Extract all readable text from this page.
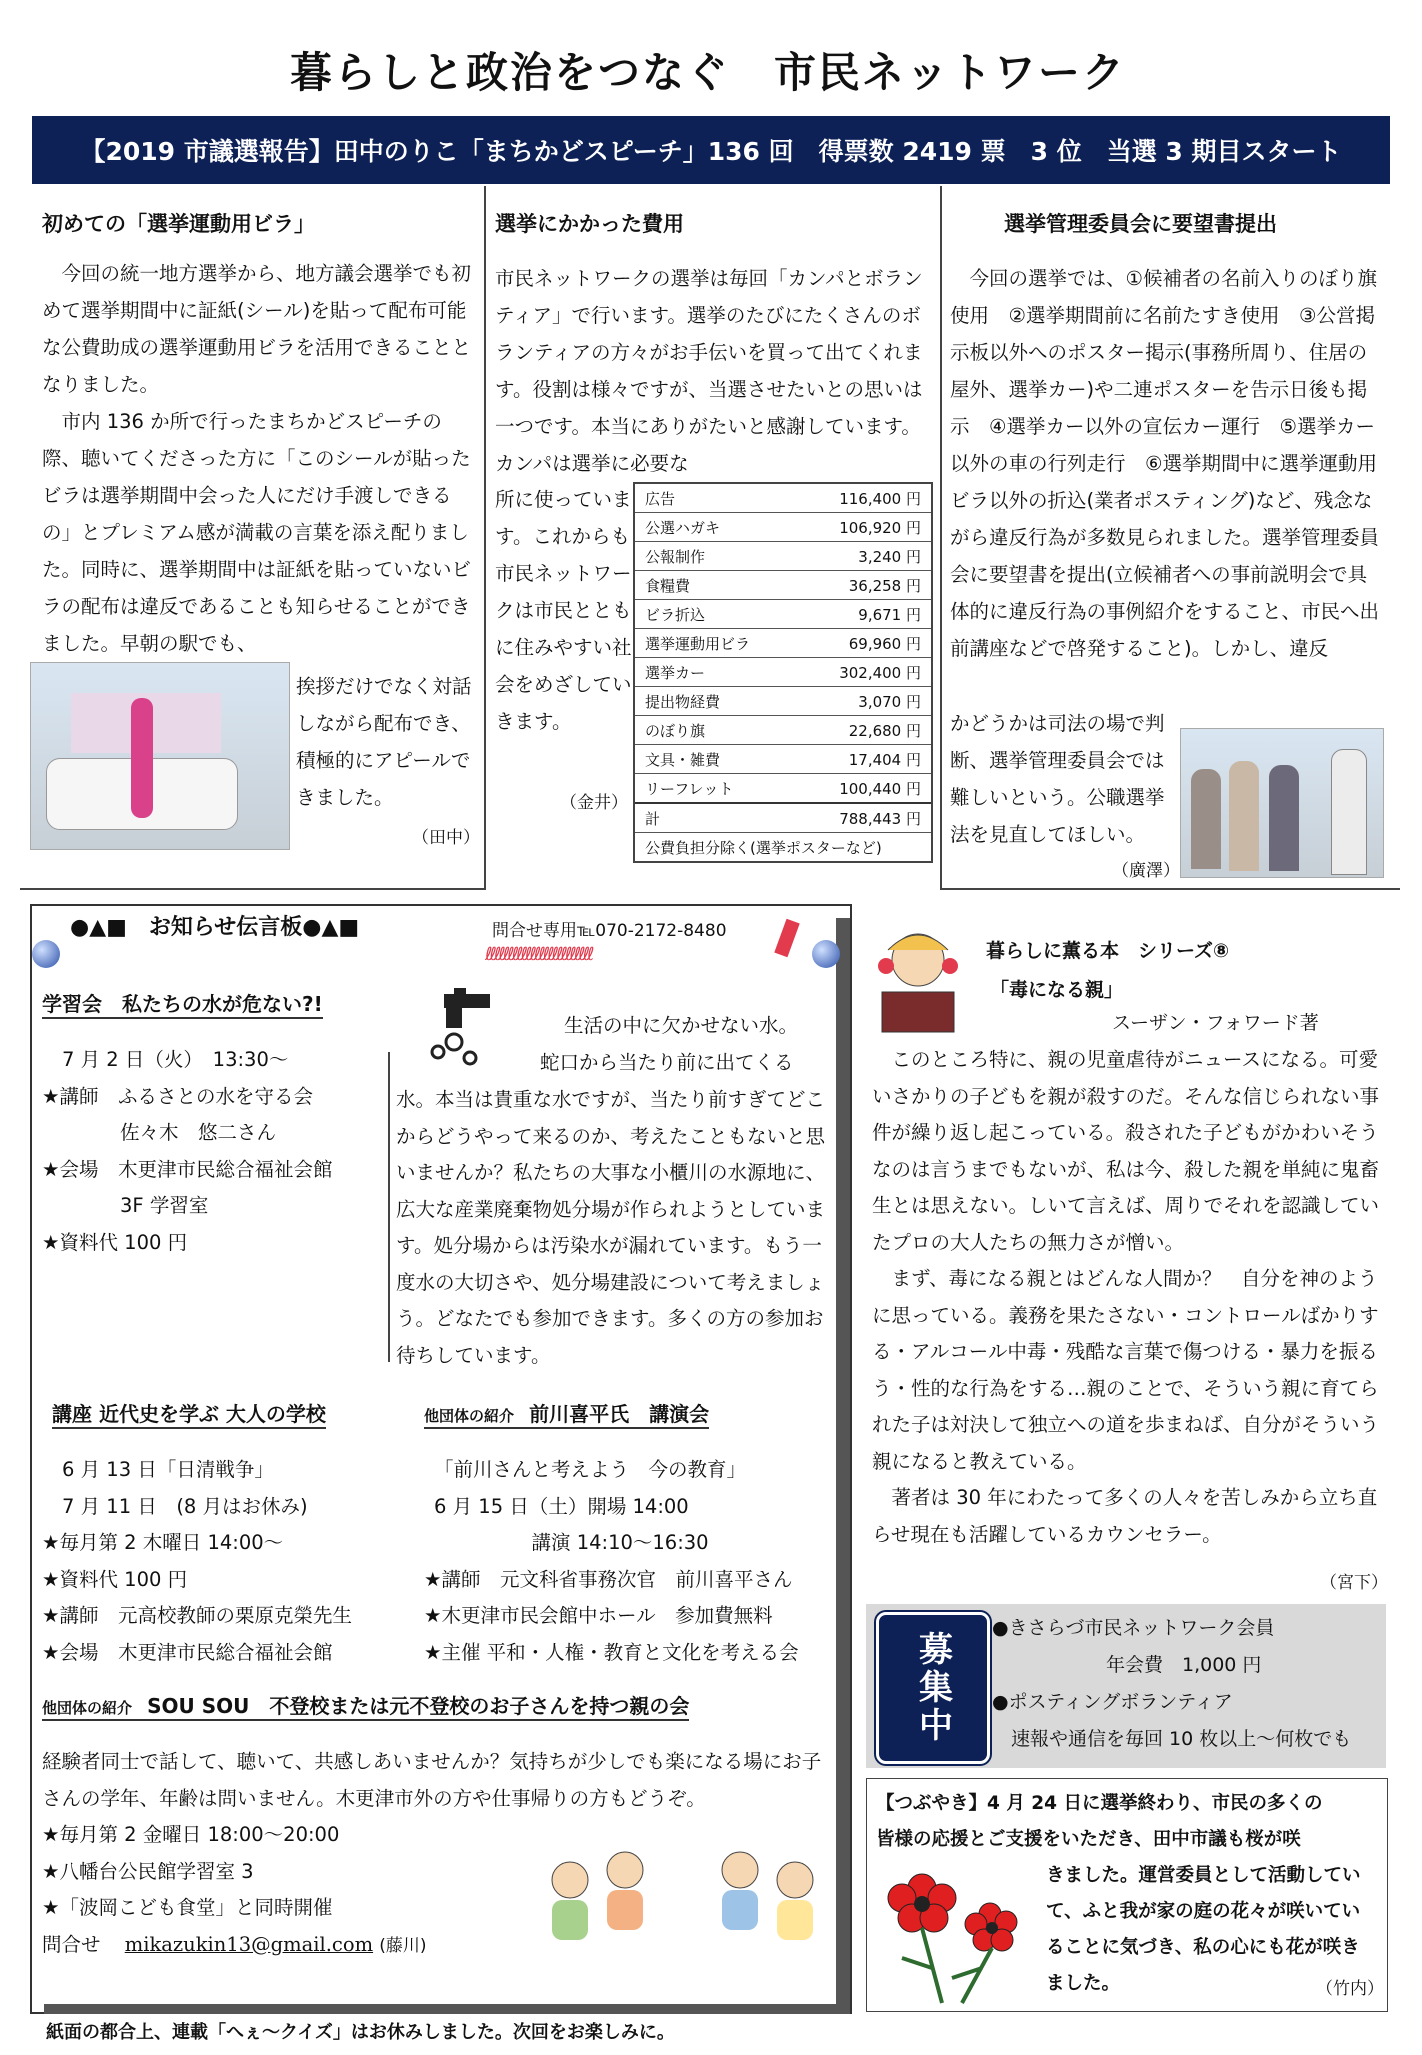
暮らしと政治をつなぐ　市民ネットワーク
【2019 市議選報告】田中のりこ「まちかどスピーチ」136 回　得票数 2419 票　3 位　当選 3 期目スタート
初めての「選挙運動用ビラ」

　今回の統一地方選挙から、地方議会選挙でも初めて選挙期間中に証紙(シール)を貼って配布可能な公費助成の選挙運動用ビラを活用できることとなりました。

　市内 136 か所で行ったまちかどスピーチの際、聴いてくださった方に「このシールが貼ったビラは選挙期間中会った人にだけ手渡しできるの」とプレミアム感が満載の言葉を添え配りました。同時に、選挙期間中は証紙を貼っていないビラの配布は違反であることも知らせることができました。早朝の駅でも、

挨拶だけでなく対話しながら配布でき、積極的にアピールできました。
（田中）
選挙にかかった費用

市民ネットワークの選挙は毎回「カンパとボランティア」で行います。選挙のたびにたくさんのボランティアの方々がお手伝いを買って出てくれます。役割は様々ですが、当選させたいとの思いは一つです。本当にありがたいと感謝しています。カンパは選挙に必要な

所に使っています。これからも市民ネットワークは市民とともに住みやすい社会をめざしていきます。
（金井）
広告	116,400 円
公選ハガキ	106,920 円
公報制作	3,240 円
食糧費	36,258 円
ビラ折込	9,671 円
選挙運動用ビラ	69,960 円
選挙カー	302,400 円
提出物経費	3,070 円
のぼり旗	22,680 円
文具・雑費	17,404 円
リーフレット	100,440 円
計	788,443 円
公費負担分除く(選挙ポスターなど)	
選挙管理委員会に要望書提出

　今回の選挙では、①候補者の名前入りのぼり旗使用　②選挙期間前に名前たすき使用　③公営掲示板以外へのポスター掲示(事務所周り、住居の屋外、選挙カー)や二連ポスターを告示日後も掲示　④選挙カー以外の宣伝カー運行　⑤選挙カー以外の車の行列走行　⑥選挙期間中に選挙運動用ビラ以外の折込(業者ポスティング)など、残念ながら違反行為が多数見られました。選挙管理委員会に要望書を提出(立候補者への事前説明会で具体的に違反行為の事例紹介をすること、市民へ出前講座などで啓発すること)。しかし、違反

かどうかは司法の場で判断、選挙管理委員会では難しいという。公職選挙法を見直してほしい。
（廣澤）
●▲■　お知らせ伝言板●▲■	問合せ専用℡070-2172-8480
ℓℓℓℓℓℓℓℓℓℓℓℓℓℓℓℓℓℓℓℓℓℓℓℓ
学習会　私たちの水が危ない?!
7 月 2 日（火）　13:30～
★講師　ふるさとの水を守る会
　　　　佐々木　悠二さん
★会場　木更津市民総合福祉会館
　　　　3F 学習室
★資料代 100 円
生活の中に欠かせない水。
蛇口から当たり前に出てくる

水。本当は貴重な水ですが、当たり前すぎてどこからどうやって来るのか、考えたこともないと思いませんか？私たちの大事な小櫃川の水源地に、広大な産業廃棄物処分場が作られようとしています。処分場からは汚染水が漏れています。もう一度水の大切さや、処分場建設について考えましょう。どなたでも参加できます。多くの方の参加お待ちしています。

講座 近代史を学ぶ 大人の学校
6 月 13 日「日清戦争」
7 月 11 日　(8 月はお休み)
★毎月第 2 木曜日 14:00～
★資料代 100 円
★講師　元高校教師の栗原克榮先生
★会場　木更津市民総合福祉会館
他団体の紹介 前川喜平氏　講演会
「前川さんと考えよう　今の教育」
6 月 15 日（土）開場 14:00
　　　　　講演 14:10～16:30
★講師　元文科省事務次官　前川喜平さん
★木更津市民会館中ホール　参加費無料
★主催 平和・人権・教育と文化を考える会
他団体の紹介 SOU SOU　不登校または元不登校のお子さんを持つ親の会

経験者同士で話して、聴いて、共感しあいませんか？気持ちが少しでも楽になる場にお子さんの学年、年齢は問いません。木更津市外の方や仕事帰りの方もどうぞ。

★毎月第 2 金曜日 18:00～20:00
★八幡台公民館学習室 3
★「波岡こども食堂」と同時開催
問合せ mikazukin13@gmail.com (藤川)
暮らしに薫る本　シリーズ⑧
「毒になる親」
スーザン・フォワード著

　このところ特に、親の児童虐待がニュースになる。可愛いさかりの子どもを親が殺すのだ。そんな信じられない事件が繰り返し起こっている。殺された子どもがかわいそうなのは言うまでもないが、私は今、殺した親を単純に鬼畜生とは思えない。しいて言えば、周りでそれを認識していたプロの大人たちの無力さが憎い。
　まず、毒になる親とはどんな人間か？　自分を神のように思っている。義務を果たさない・コントロールばかりする・アルコール中毒・残酷な言葉で傷つける・暴力を振るう・性的な行為をする…親のことで、そういう親に育てられた子は対決して独立への道を歩まねば、自分がそういう親になると教えている。
　著者は 30 年にわたって多くの人々を苦しみから立ち直らせ現在も活躍しているカウンセラー。

（宮下）
募集中
●きさらづ市民ネットワーク会員
　　　　　　年会費　1,000 円
●ポスティングボランティア
　速報や通信を毎回 10 枚以上～何枚でも
【つぶやき】4 月 24 日に選挙終わり、市民の多くの
皆様の応援とご支援をいただき、田中市議も桜が咲
きました。運営委員として活動していて、ふと我が家の庭の花々が咲いていることに気づき、私の心にも花が咲きました。	（竹内）
紙面の都合上、連載「へぇ～クイズ」はお休みしました。次回をお楽しみに。
